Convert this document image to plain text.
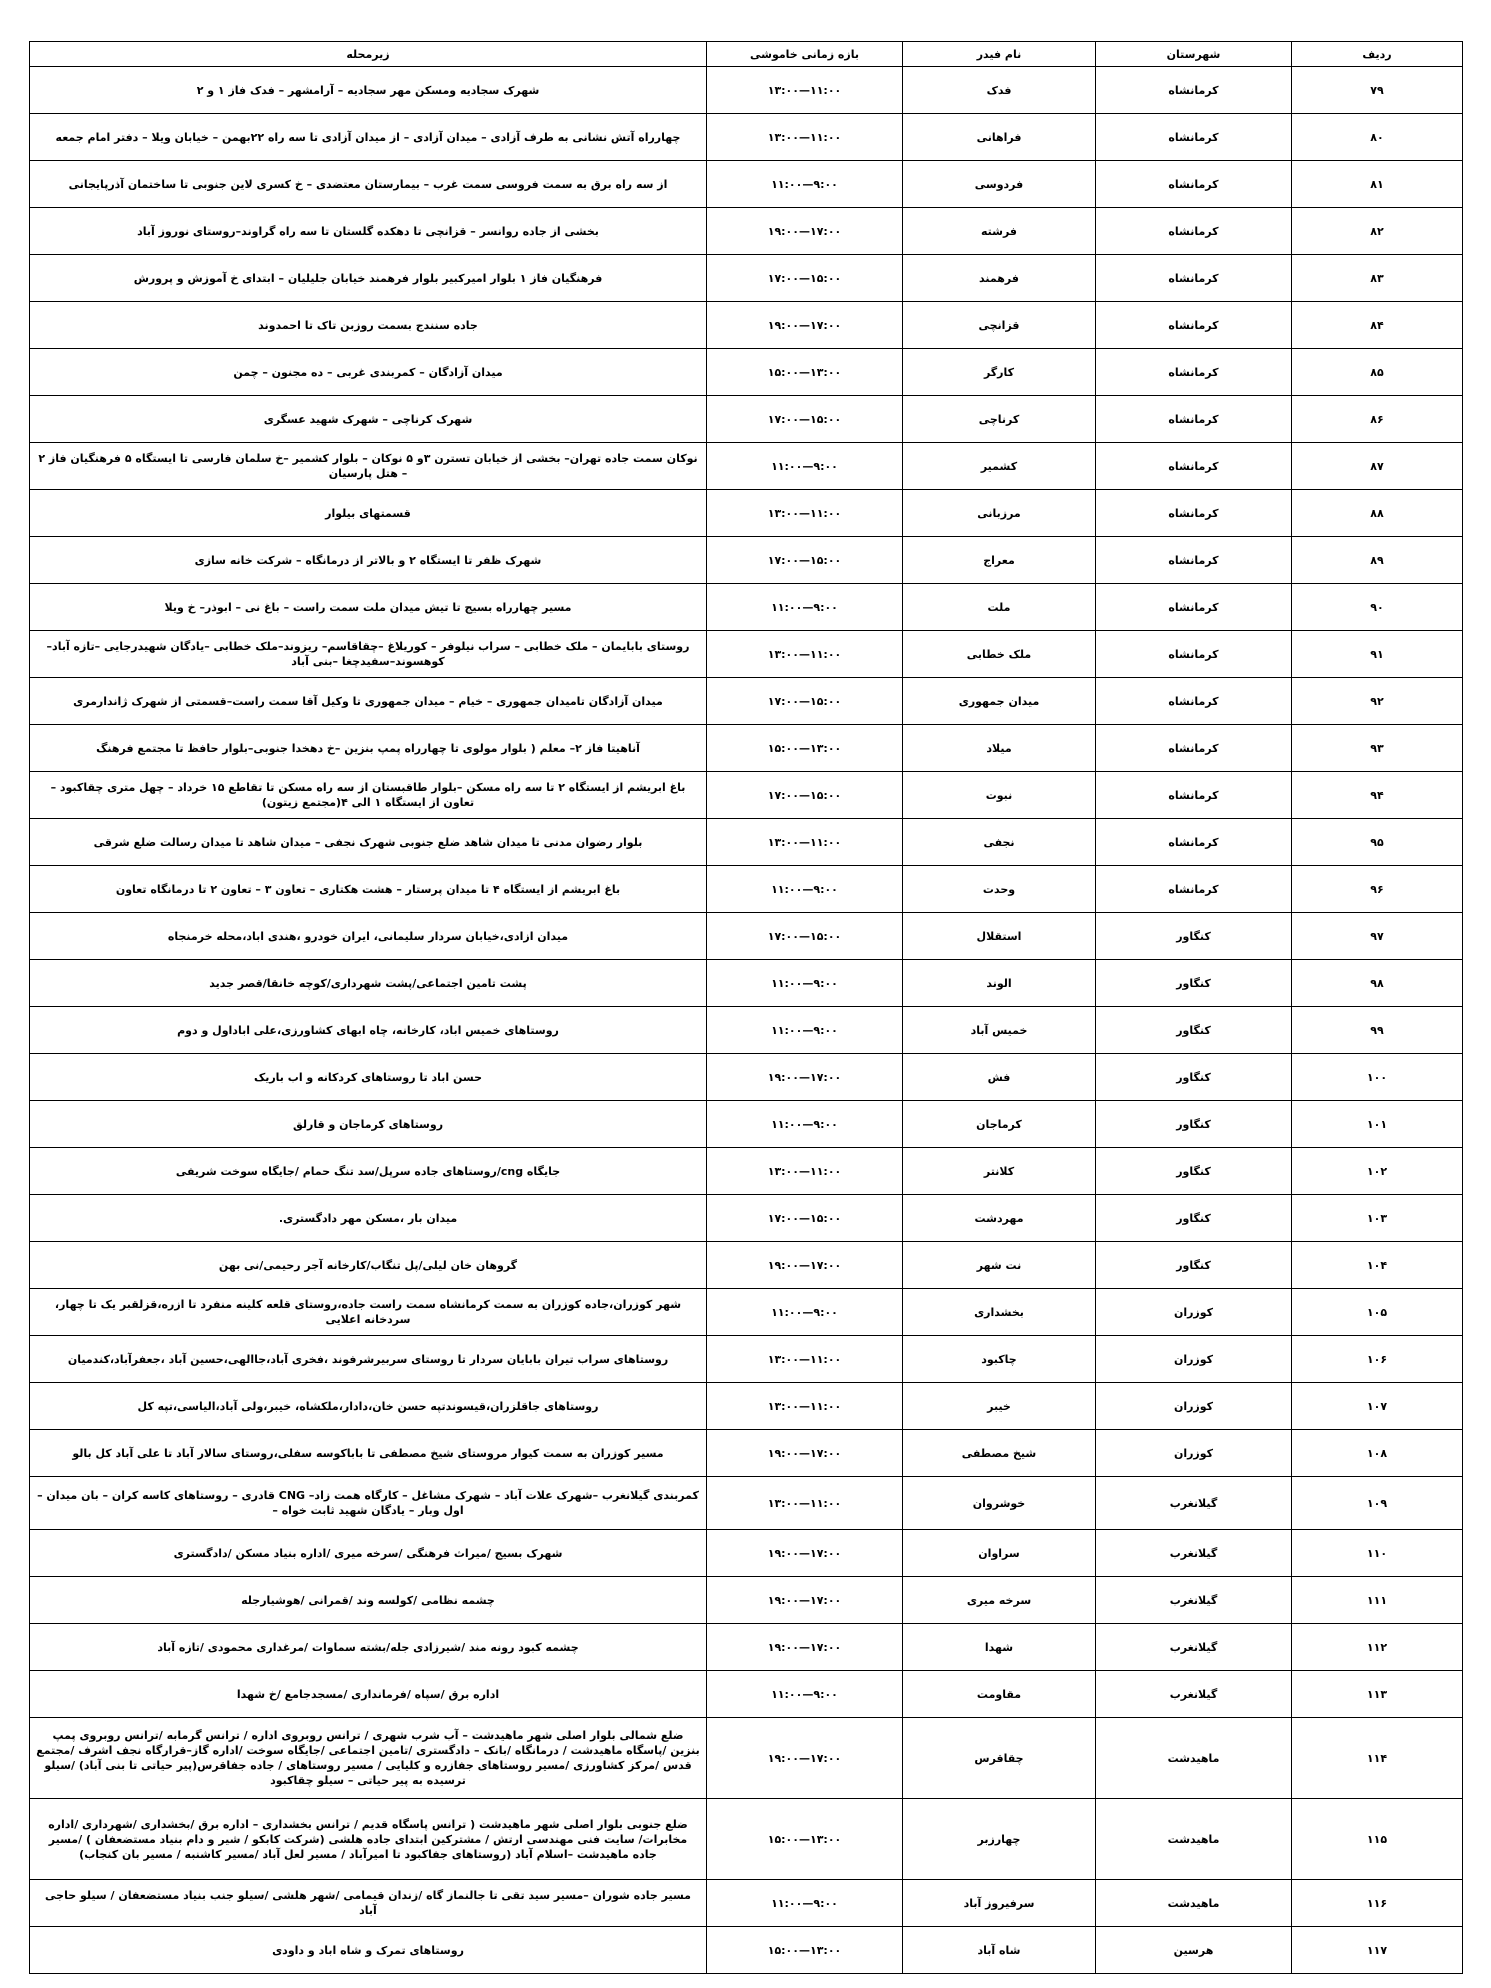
ردیف	شهرستان	نام فیدر	بازه زمانی خاموشی	زیرمحله
۷۹	کرمانشاه	فدک	۱۱:۰۰—۱۳:۰۰	شهرک سجادیه ومسکن مهر سجادیه – آرامشهر – فدک فاز ۱ و ۲
۸۰	کرمانشاه	فراهانی	۱۱:۰۰—۱۳:۰۰	چهارراه آتش نشانی به طرف آزادی – میدان آزادی – از میدان آزادی تا سه راه ۲۲بهمن – خیابان ویلا – دفتر امام جمعه
۸۱	کرمانشاه	فردوسی	۹:۰۰—۱۱:۰۰	از سه راه برق به سمت فروسی سمت غرب – بیمارستان معتضدی – خ کسری لاین جنوبی تا ساختمان آذرپایجانی
۸۲	کرمانشاه	فرشته	۱۷:۰۰—۱۹:۰۰	بخشی از جاده روانسر – قزانچی تا دهکده گلستان تا سه راه گراوند–روستای نوروز آباد
۸۳	کرمانشاه	فرهمند	۱۵:۰۰—۱۷:۰۰	فرهنگیان فاز ۱ بلوار امیرکبیر بلوار فرهمند خیابان جلیلیان – ابتدای خ آموزش و پرورش
۸۴	کرمانشاه	قزانچی	۱۷:۰۰—۱۹:۰۰	جاده سنندج بسمت روزبن تاک تا احمدوند
۸۵	کرمانشاه	کارگر	۱۳:۰۰—۱۵:۰۰	میدان آزادگان – کمربندی غربی – ده مجنون – چمن
۸۶	کرمانشاه	کرناچی	۱۵:۰۰—۱۷:۰۰	شهرک کرناچی – شهرک شهید عسگری
۸۷	کرمانشاه	کشمیر	۹:۰۰—۱۱:۰۰	نوکان سمت جاده تهران– بخشی از خیابان تسترن ۳و ۵ نوکان – بلوار کشمیر –خ سلمان فارسی تا ایستگاه ۵ فرهنگیان فاز ۲ – هتل پارسیان
۸۸	کرمانشاه	مرزبانی	۱۱:۰۰—۱۳:۰۰	قسمتهای بیلوار
۸۹	کرمانشاه	معراج	۱۵:۰۰—۱۷:۰۰	شهرک ظفر تا ایستگاه ۲ و بالاتر از درمانگاه – شرکت خانه سازی
۹۰	کرمانشاه	ملت	۹:۰۰—۱۱:۰۰	مسیر چهارراه بسیج تا تیش میدان ملت سمت راست – باغ نی – ابوذر– خ ویلا
۹۱	کرمانشاه	ملک خطابی	۱۱:۰۰—۱۳:۰۰	روستای بابایمان – ملک خطابی – سراب نیلوفر – کوریلاغ –چقاقاسم– ریزوند–ملک خطابی –یادگان شهیدرجایی –تازه آباد– کوهسوند–سفیدچغا –بنی آباد
۹۲	کرمانشاه	میدان جمهوری	۱۵:۰۰—۱۷:۰۰	میدان آزادگان تامیدان جمهوری – خیام – میدان جمهوری تا وکیل آقا سمت راست–قسمتی از شهرک ژاندارمری
۹۳	کرمانشاه	میلاد	۱۳:۰۰—۱۵:۰۰	آناهیتا فاز ۲– معلم ( بلوار مولوی تا چهارراه پمپ بنزین –خ دهخدا جنوبی–بلوار حافظ تا مجتمع فرهنگ
۹۴	کرمانشاه	نبوت	۱۵:۰۰—۱۷:۰۰	باغ ابریشم از ایستگاه ۲ تا سه راه مسکن –بلوار طاقبستان از سه راه مسکن تا تقاطع ۱۵ خرداد – چهل متری چقاکبود –تعاون از ایستگاه ۱ الی ۴(مجتمع زیتون)
۹۵	کرمانشاه	نجفی	۱۱:۰۰—۱۳:۰۰	بلوار رضوان مدنی تا میدان شاهد ضلع جنوبی شهرک نجفی – میدان شاهد تا میدان رسالت ضلع شرقی
۹۶	کرمانشاه	وحدت	۹:۰۰—۱۱:۰۰	باغ ابریشم از ایستگاه ۴ تا میدان پرستار – هشت هکتاری – تعاون ۳ – تعاون ۲ تا درمانگاه تعاون
۹۷	کنگاور	استقلال	۱۵:۰۰—۱۷:۰۰	میدان ازادی،خیابان سردار سلیمانی، ایران خودرو ،هندی اباد،محله خرمنجاه
۹۸	کنگاور	الوند	۹:۰۰—۱۱:۰۰	پشت تامین اجتماعی/پشت شهرداری/کوچه خانقا/قصر جدید
۹۹	کنگاور	خمیس آباد	۹:۰۰—۱۱:۰۰	روستاهای خمیس اباد، کارخانه، چاه ابهای کشاورزی،علی اباداول و دوم
۱۰۰	کنگاور	فش	۱۷:۰۰—۱۹:۰۰	حسن اباد تا روستاهای کردکانه و اب باریک
۱۰۱	کنگاور	کرماجان	۹:۰۰—۱۱:۰۰	روستاهای کرماجان و قارلق
۱۰۲	کنگاور	کلانتر	۱۱:۰۰—۱۳:۰۰	جایگاه cng/روستاهای جاده سرپل/سد تنگ حمام /جایگاه سوخت شریفی
۱۰۳	کنگاور	مهردشت	۱۵:۰۰—۱۷:۰۰	میدان بار ،مسکن مهر دادگستری.
۱۰۴	کنگاور	نت شهر	۱۷:۰۰—۱۹:۰۰	گروهان خان لیلی/پل تنگاب/کارخانه آجر رحیمی/نی بهن
۱۰۵	کوزران	بخشداری	۹:۰۰—۱۱:۰۰	شهر کوزران،جاده کوزران به سمت کرمانشاه سمت راست جاده،روستای قلعه کلینه منفرد تا ازره،قزلقبر یک تا چهار، سردخانه اعلایی
۱۰۶	کوزران	چاکبود	۱۱:۰۰—۱۳:۰۰	روستاهای سراب تیران بابایان سردار تا روستای سربیرشرفوند ،فخری آباد،جاالهی،حسین آباد ،جعفرآباد،کندمیان
۱۰۷	کوزران	خیبر	۱۱:۰۰—۱۳:۰۰	روستاهای جاقلزران،قیسوندتپه حسن خان،دادار،ملکشاه، خیبر،ولی آباد،الیاسی،تپه کل
۱۰۸	کوزران	شیخ مصطفی	۱۷:۰۰—۱۹:۰۰	مسیر کوزران به سمت کیوار مروستای شیخ مصطفی تا باباکوسه سفلی،روستای سالار آباد تا علی آباد کل بالو
۱۰۹	گیلانغرب	خوشروان	۱۱:۰۰—۱۳:۰۰	کمربندی گیلانغرب –شهرک علات آباد – شهرک مشاغل – کارگاه همت زاد– CNG قادری – روستاهای کاسه کران – بان میدان – اول وبار – یادگان شهید ثابت خواه –
۱۱۰	گیلانغرب	سراوان	۱۷:۰۰—۱۹:۰۰	شهرک بسیج /میراث فرهنگی /سرخه میری /اداره بنیاد مسکن /دادگستری
۱۱۱	گیلانغرب	سرخه میری	۱۷:۰۰—۱۹:۰۰	چشمه نظامی /کولسه وند /قمرانی /هوشیارجله
۱۱۲	گیلانغرب	شهدا	۱۷:۰۰—۱۹:۰۰	چشمه کبود رونه مند /شیرزادی جله/بشته سماوات /مرغداری محمودی /تازه آباد
۱۱۳	گیلانغرب	مقاومت	۹:۰۰—۱۱:۰۰	اداره برق /سپاه /فرمانداری /مسجدجامع /خ شهدا
۱۱۴	ماهیدشت	چقاقرس	۱۷:۰۰—۱۹:۰۰	ضلع شمالی بلوار اصلی شهر ماهیدشت – آب شرب شهری / ترانس روبروی اداره / ترانس گرمابه /ترانس روبروی پمپ بنزین /پاسگاه ماهیدشت / درمانگاه /بانک – دادگستری /تامین اجتماعی /جایگاه سوخت /اداره گاز–قرارگاه نجف اشرف /مجتمع قدس /مرکز کشاورزی /مسیر روستاهای جفازره و کلیایی / مسیر روستاهای / جاده جفاقرس(پیر حیاتی تا بنی آباد) /سیلو ترسیده به پیر حیاتی – سیلو چقاکبود
۱۱۵	ماهیدشت	چهارزبر	۱۳:۰۰—۱۵:۰۰	ضلع جنوبی بلوار اصلی شهر ماهیدشت ( ترانس پاسگاه قدیم / ترانس بخشداری – اداره برق /بخشداری /شهرداری /اداره مخابرات/ سایت فنی مهندسی ارتش / مشترکین ابتدای جاده هلشی (شرکت کابکو / شیر و دام بنیاد مستضعفان ) /مسیر جاده ماهیدشت –اسلام آباد (روستاهای جفاکبود تا امیرآباد / مسیر لعل آباد /مسیر کاشنبه / مسیر بان کنجاب)
۱۱۶	ماهیدشت	سرفیروز آباد	۹:۰۰—۱۱:۰۰	مسیر جاده شوران –مسیر سید تقی تا جالنماز گاه /زندان قیمامی /شهر هلشی /سیلو جنب بنیاد مستضعفان / سیلو حاجی آباد
۱۱۷	هرسین	شاه آباد	۱۳:۰۰—۱۵:۰۰	روستاهای تمرک و شاه اباد و داودی
